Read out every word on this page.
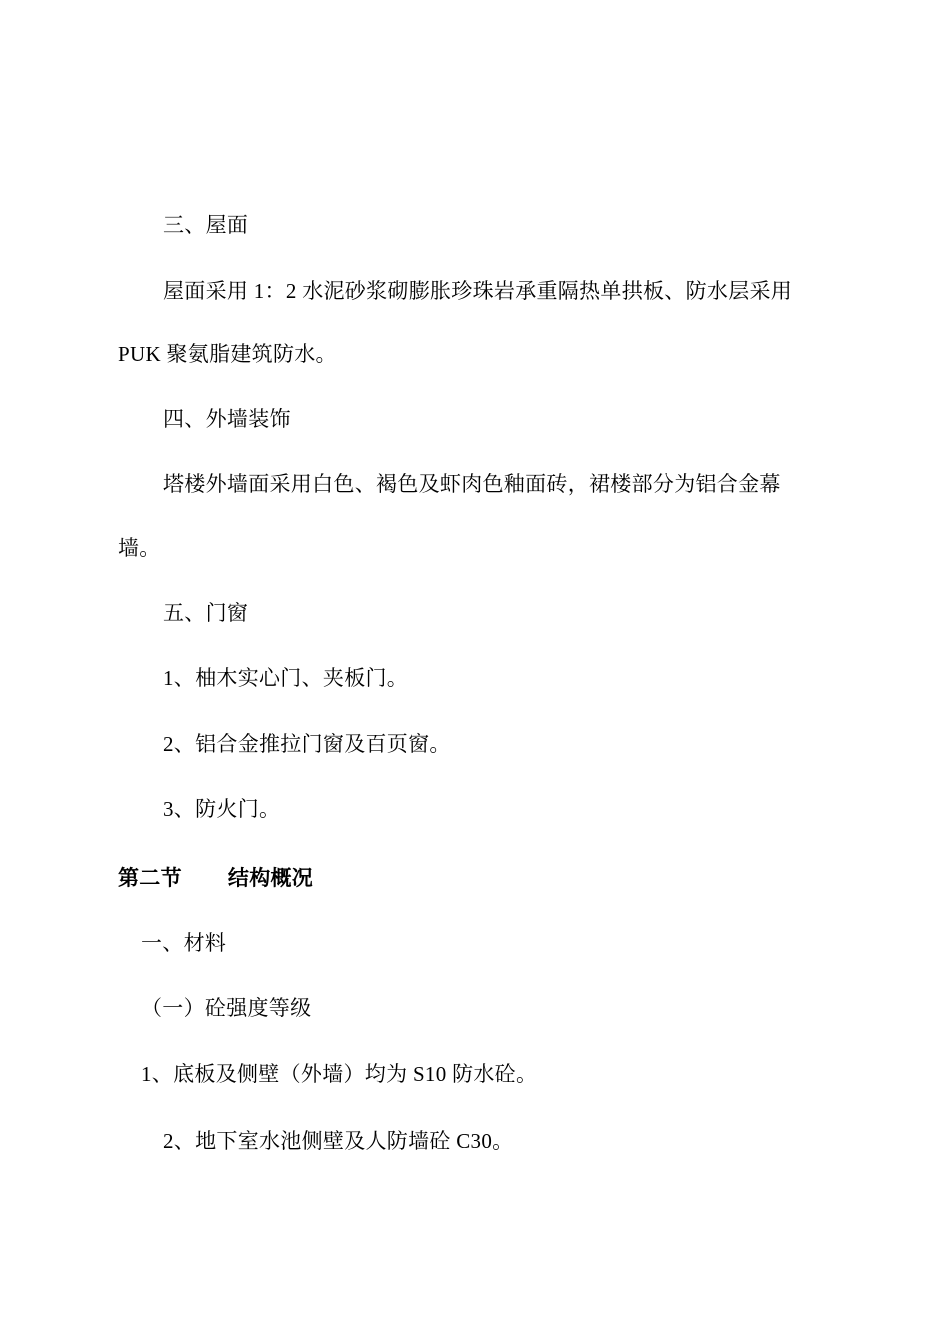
三、屋面
屋面采用 1：2 水泥砂浆砌膨胀珍珠岩承重隔热单拱板、防水层采用
PUK 聚氨脂建筑防水。
四、外墙装饰
塔楼外墙面采用白色、褐色及虾肉色釉面砖，裙楼部分为铝合金幕
墙。
五、门窗
1、柚木实心门、夹板门。
2、铝合金推拉门窗及百页窗。
3、防火门。
第二节 结构概况
一、材料
（一）砼强度等级
1、底板及侧壁（外墙）均为 S10 防水砼。
2、地下室水池侧壁及人防墙砼 C30。
